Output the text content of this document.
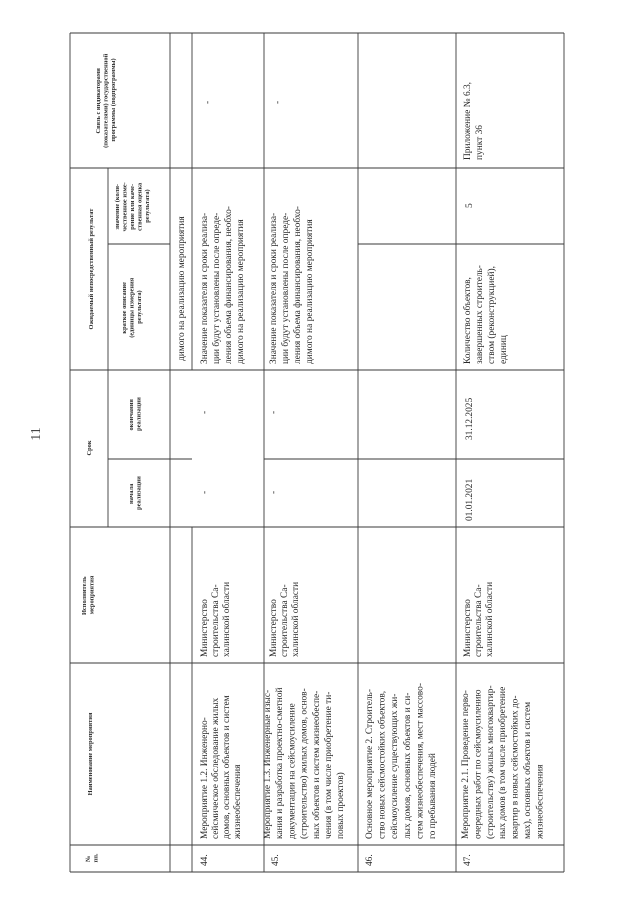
11
№ пп.
Наименование мероприятия
Исполнитель мероприятия
Срок
начала реализации
окончания реализации
Ожидаемый непосредственный результат	краткое описание (единицы измерения результата)
значение (коли- чественное изме- рение или каче- ственная оценка результата)
Связь с индикаторами (показателями) государственной программы (подпрограммы)
димого на реализацию мероприятия
44.
Мероприятие 1.2. Инженерно- сейсмическое обследование жилых домов, основных объектов и систем жизнеобеспечения
Министерство строительства Са- халинской области
-
-
Значение показателя и сроки реализа- ции будут установлены после опреде- ления объема финансирования, необхо- димого на реализацию мероприятия
-
45.
Мероприятие 1.3. Инженерные изыс- кания и разработка проектно-сметной документации на сейсмоусиление (строительство) жилых домов, основ- ных объектов и систем жизнеобеспе- чения (в том числе приобретение ти- повых проектов)
Министерство строительства Са- халинской области
-
-
Значение показателя и сроки реализа- ции будут установлены после опреде- ления объема финансирования, необхо- димого на реализацию мероприятия
-
46.
Основное мероприятие 2. Строитель- ство новых сейсмостойких объектов, сейсмоусиление существующих жи- лых домов, основных объектов и си- стем жизнеобеспечения, мест массово- го пребывания людей
47.
Мероприятие 2.1. Проведение перво- очередных работ по сейсмоусилению (строительству) жилых многоквартир- ных домов (в том числе приобретение квартир в новых сейсмостойких до- мах), основных объектов и систем жизнеобеспечения
Министерство строительства Са- халинской области
01.01.2021
31.12.2025
Количество объектов, завершенных строитель- ством (реконструкцией), единиц
5
Приложение № 6.3, пункт 36
